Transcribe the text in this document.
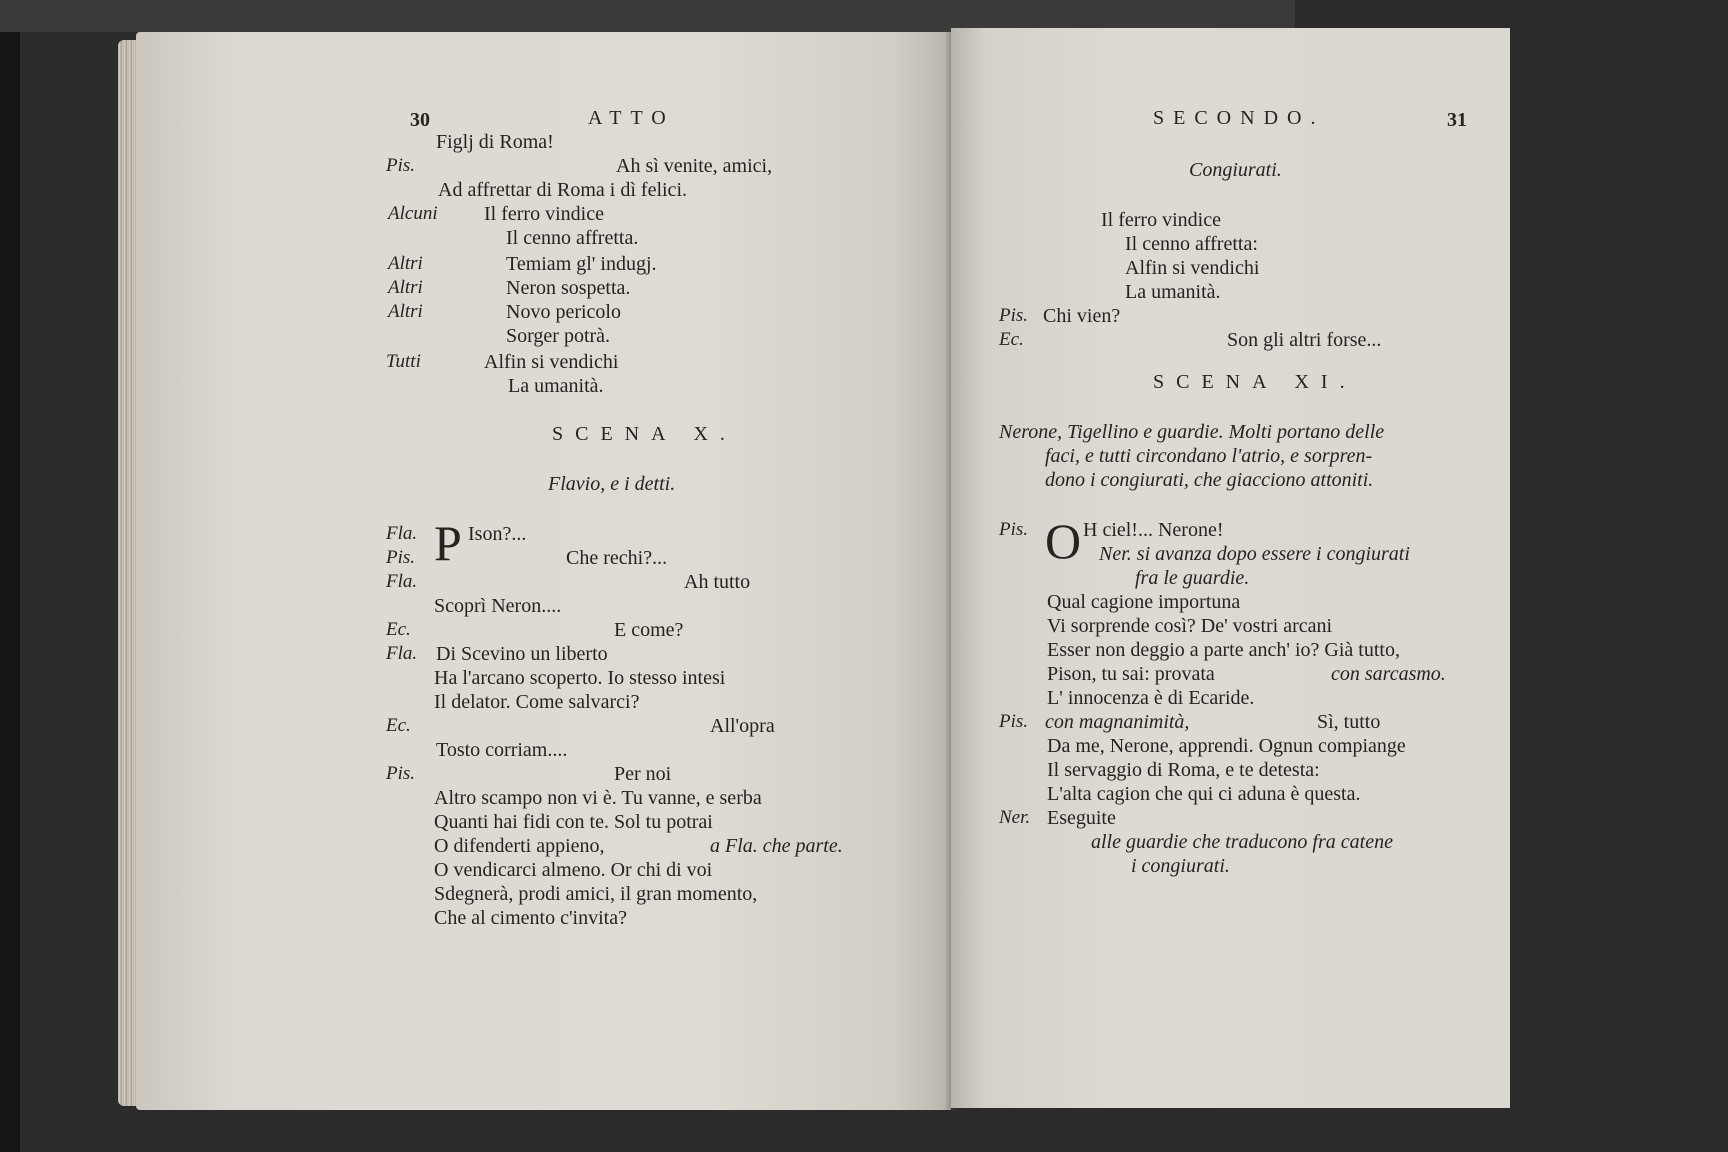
30	ATTO
Figlj di Roma!
Pis.	Ah sì venite, amici,
Ad affrettar di Roma i dì felici.
Alcuni Il ferro vindice
Il cenno affretta.
Altri	Temiam gl' indugj.
Altri	Neron sospetta.
Altri	Novo pericolo
Sorger potrà.
Tutti	Alfin si vendichi
La umanità.
SCENA X.
Flavio, e i detti.
Fla. P Ison?...
Pis.	Che rechi?...
Fla.	Ah tutto
Scoprì Neron....
Ec.	E come?
Fla. Di Scevino un liberto
Ha l'arcano scoperto. Io stesso intesi
Il delator. Come salvarci?
Ec.	All'opra
Tosto corriam....
Pis.	Per noi
Altro scampo non vi è. Tu vanne, e serba
Quanti hai fidi con te. Sol tu potrai
O difenderti appieno,	a Fla. che parte.
O vendicarci almeno. Or chi di voi
Sdegnerà, prodi amici, il gran momento,
Che al cimento c'invita?
SECONDO.	31
Congiurati.
Il ferro vindice
Il cenno affretta:
Alfin si vendichi
La umanità.
Pis. Chi vien?
Ec.	Son gli altri forse...
SCENA XI.
Nerone, Tigellino e guardie. Molti portano delle
faci, e tutti circondano l'atrio, e sorpren-
dono i congiurati, che giacciono attoniti.
Pis. O H ciel!... Nerone!
Ner. si avanza dopo essere i congiurati
fra le guardie.
Qual cagione importuna
Vi sorprende così? De' vostri arcani
Esser non deggio a parte anch' io? Già tutto,
Pison, tu sai: provata	con sarcasmo.
L' innocenza è di Ecaride.
Pis. con magnanimità,	Sì, tutto
Da me, Nerone, apprendi. Ognun compiange
Il servaggio di Roma, e te detesta:
L'alta cagion che qui ci aduna è questa.
Ner. Eseguite
alle guardie che traducono fra catene
i congiurati.
